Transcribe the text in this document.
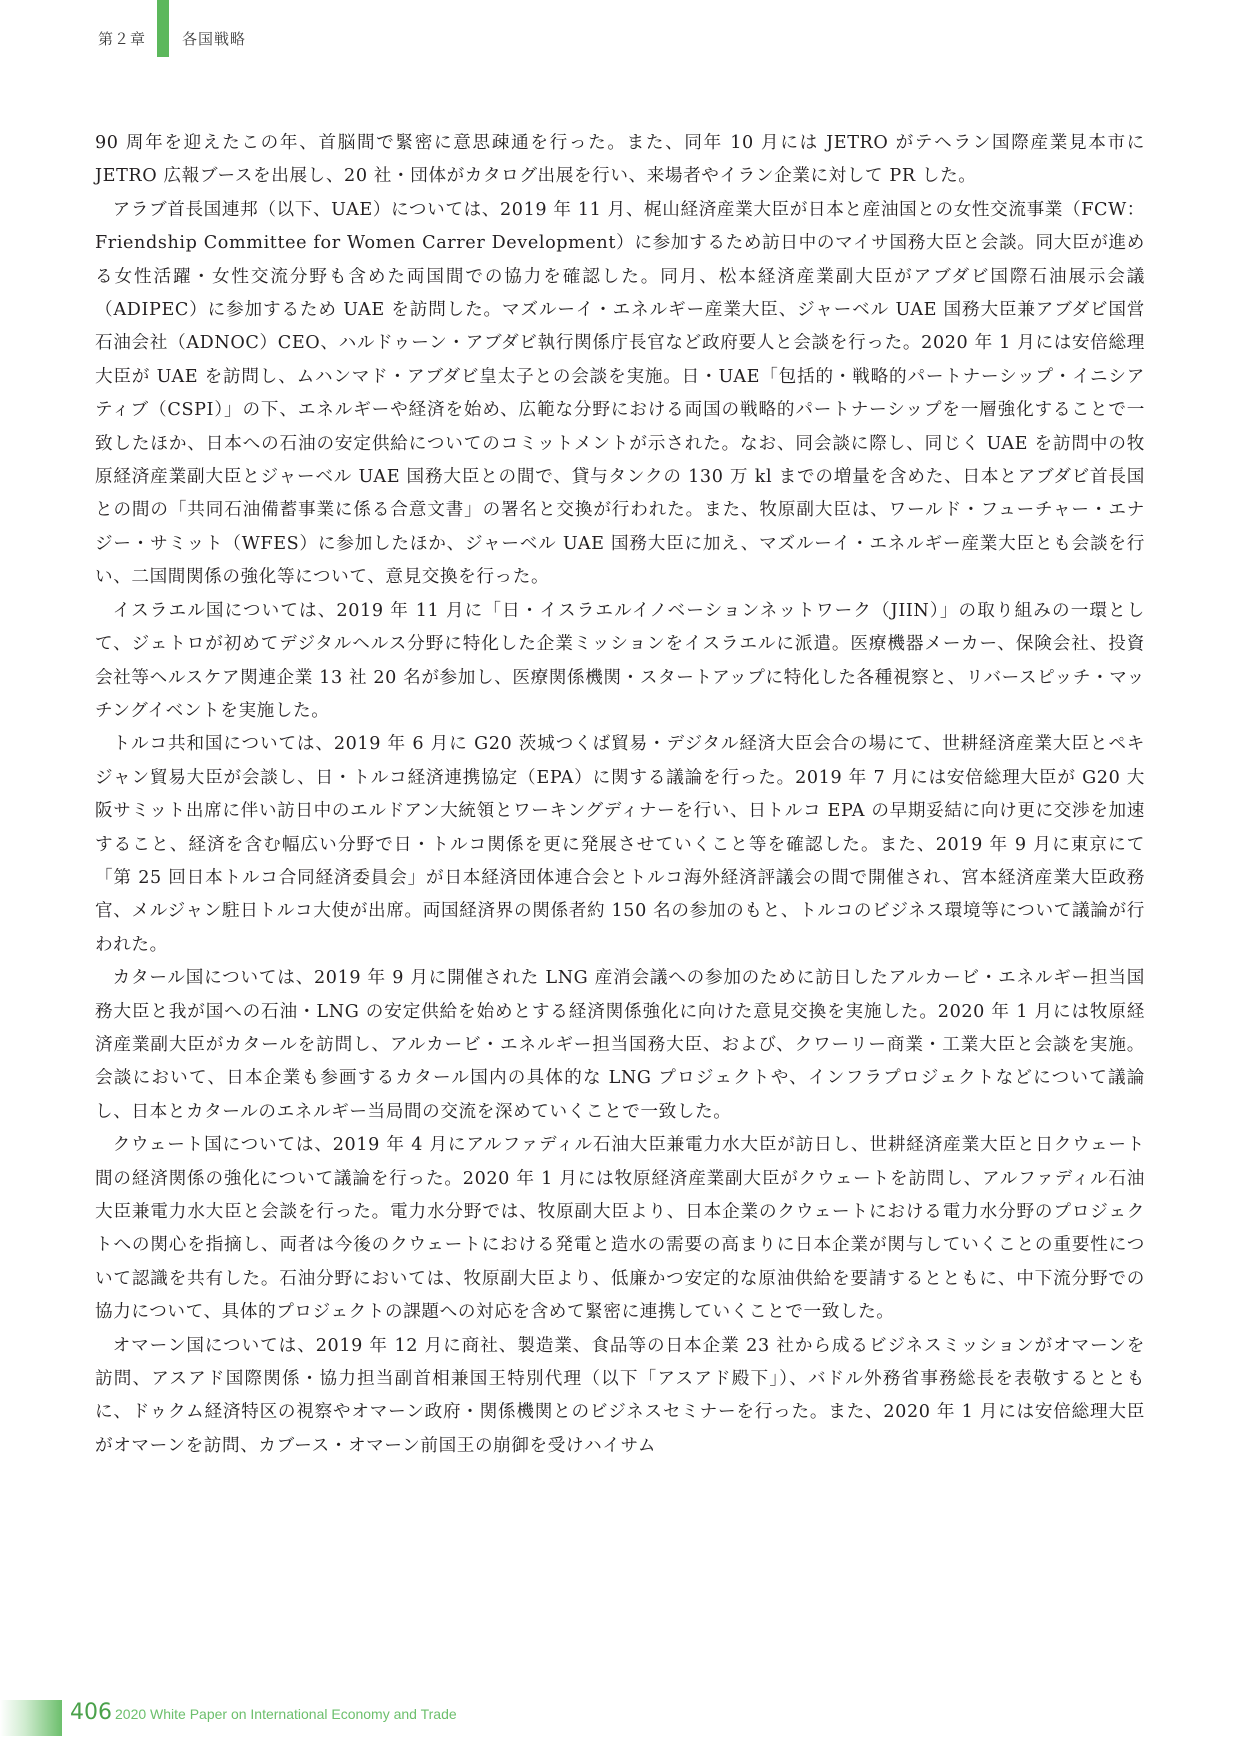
第２章 各国戦略

90 周年を迎えたこの年、首脳間で緊密に意思疎通を行った。また、同年 10 月には JETRO がテヘラン国際産業見本市に JETRO 広報ブースを出展し、20 社・団体がカタログ出展を行い、来場者やイラン企業に対して PR した。

アラブ首長国連邦（以下、UAE）については、2019 年 11 月、梶山経済産業大臣が日本と産油国との女性交流事業（FCW：Friendship Committee for Women Carrer Development）に参加するため訪日中のマイサ国務大臣と会談。同大臣が進める女性活躍・女性交流分野も含めた両国間での協力を確認した。同月、松本経済産業副大臣がアブダビ国際石油展示会議（ADIPEC）に参加するため UAE を訪問した。マズルーイ・エネルギー産業大臣、ジャーベル UAE 国務大臣兼アブダビ国営石油会社（ADNOC）CEO、ハルドゥーン・アブダビ執行関係庁長官など政府要人と会談を行った。2020 年 1 月には安倍総理大臣が UAE を訪問し、ムハンマド・アブダビ皇太子との会談を実施。日・UAE「包括的・戦略的パートナーシップ・イニシアティブ（CSPI）」の下、エネルギーや経済を始め、広範な分野における両国の戦略的パートナーシップを一層強化することで一致したほか、日本への石油の安定供給についてのコミットメントが示された。なお、同会談に際し、同じく UAE を訪問中の牧原経済産業副大臣とジャーベル UAE 国務大臣との間で、貸与タンクの 130 万 kl までの増量を含めた、日本とアブダビ首長国との間の「共同石油備蓄事業に係る合意文書」の署名と交換が行われた。また、牧原副大臣は、ワールド・フューチャー・エナジー・サミット（WFES）に参加したほか、ジャーベル UAE 国務大臣に加え、マズルーイ・エネルギー産業大臣とも会談を行い、二国間関係の強化等について、意見交換を行った。

イスラエル国については、2019 年 11 月に「日・イスラエルイノベーションネットワーク（JIIN）」の取り組みの一環として、ジェトロが初めてデジタルヘルス分野に特化した企業ミッションをイスラエルに派遣。医療機器メーカー、保険会社、投資会社等ヘルスケア関連企業 13 社 20 名が参加し、医療関係機関・スタートアップに特化した各種視察と、リバースピッチ・マッチングイベントを実施した。

トルコ共和国については、2019 年 6 月に G20 茨城つくば貿易・デジタル経済大臣会合の場にて、世耕経済産業大臣とペキジャン貿易大臣が会談し、日・トルコ経済連携協定（EPA）に関する議論を行った。2019 年 7 月には安倍総理大臣が G20 大阪サミット出席に伴い訪日中のエルドアン大統領とワーキングディナーを行い、日トルコ EPA の早期妥結に向け更に交渉を加速すること、経済を含む幅広い分野で日・トルコ関係を更に発展させていくこと等を確認した。また、2019 年 9 月に東京にて「第 25 回日本トルコ合同経済委員会」が日本経済団体連合会とトルコ海外経済評議会の間で開催され、宮本経済産業大臣政務官、メルジャン駐日トルコ大使が出席。両国経済界の関係者約 150 名の参加のもと、トルコのビジネス環境等について議論が行われた。

カタール国については、2019 年 9 月に開催された LNG 産消会議への参加のために訪日したアルカービ・エネルギー担当国務大臣と我が国への石油・LNG の安定供給を始めとする経済関係強化に向けた意見交換を実施した。2020 年 1 月には牧原経済産業副大臣がカタールを訪問し、アルカービ・エネルギー担当国務大臣、および、クワーリー商業・工業大臣と会談を実施。会談において、日本企業も参画するカタール国内の具体的な LNG プロジェクトや、インフラプロジェクトなどについて議論し、日本とカタールのエネルギー当局間の交流を深めていくことで一致した。

クウェート国については、2019 年 4 月にアルファディル石油大臣兼電力水大臣が訪日し、世耕経済産業大臣と日クウェート間の経済関係の強化について議論を行った。2020 年 1 月には牧原経済産業副大臣がクウェートを訪問し、アルファディル石油大臣兼電力水大臣と会談を行った。電力水分野では、牧原副大臣より、日本企業のクウェートにおける電力水分野のプロジェクトへの関心を指摘し、両者は今後のクウェートにおける発電と造水の需要の高まりに日本企業が関与していくことの重要性について認識を共有した。石油分野においては、牧原副大臣より、低廉かつ安定的な原油供給を要請するとともに、中下流分野での協力について、具体的プロジェクトの課題への対応を含めて緊密に連携していくことで一致した。

オマーン国については、2019 年 12 月に商社、製造業、食品等の日本企業 23 社から成るビジネスミッションがオマーンを訪問、アスアド国際関係・協力担当副首相兼国王特別代理（以下「アスアド殿下」）、バドル外務省事務総長を表敬するとともに、ドゥクム経済特区の視察やオマーン政府・関係機関とのビジネスセミナーを行った。また、2020 年 1 月には安倍総理大臣がオマーンを訪問、カブース・オマーン前国王の崩御を受けハイサム

406 2020 White Paper on International Economy and Trade
